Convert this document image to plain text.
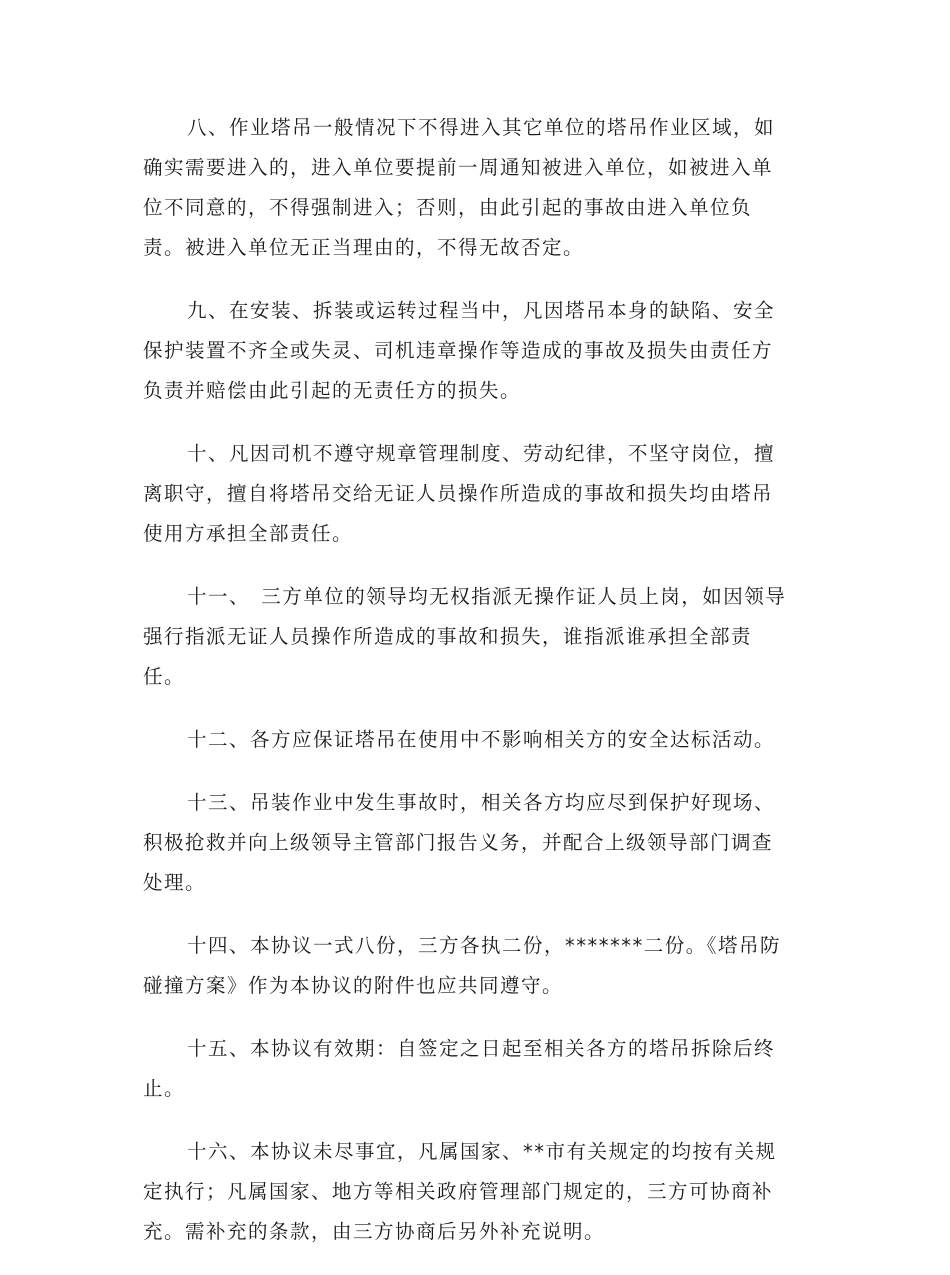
八、作业塔吊一般情况下不得进入其它单位的塔吊作业区域，如
确实需要进入的，进入单位要提前一周通知被进入单位，如被进入单
位不同意的，不得强制进入；否则，由此引起的事故由进入单位负
责。被进入单位无正当理由的，不得无故否定。

九、在安装、拆装或运转过程当中，凡因塔吊本身的缺陷、安全
保护装置不齐全或失灵、司机违章操作等造成的事故及损失由责任方
负责并赔偿由此引起的无责任方的损失。

十、凡因司机不遵守规章管理制度、劳动纪律，不坚守岗位，擅
离职守，擅自将塔吊交给无证人员操作所造成的事故和损失均由塔吊
使用方承担全部责任。

十一、　三方单位的领导均无权指派无操作证人员上岗，如因领导
强行指派无证人员操作所造成的事故和损失，谁指派谁承担全部责
任。

十二、各方应保证塔吊在使用中不影响相关方的安全达标活动。

十三、吊装作业中发生事故时，相关各方均应尽到保护好现场、
积极抢救并向上级领导主管部门报告义务，并配合上级领导部门调查
处理。

十四、本协议一式八份，三方各执二份，*******二份。《塔吊防
碰撞方案》作为本协议的附件也应共同遵守。

十五、本协议有效期：自签定之日起至相关各方的塔吊拆除后终
止。

十六、本协议未尽事宜，凡属国家、**市有关规定的均按有关规
定执行；凡属国家、地方等相关政府管理部门规定的，三方可协商补
充。需补充的条款，由三方协商后另外补充说明。
